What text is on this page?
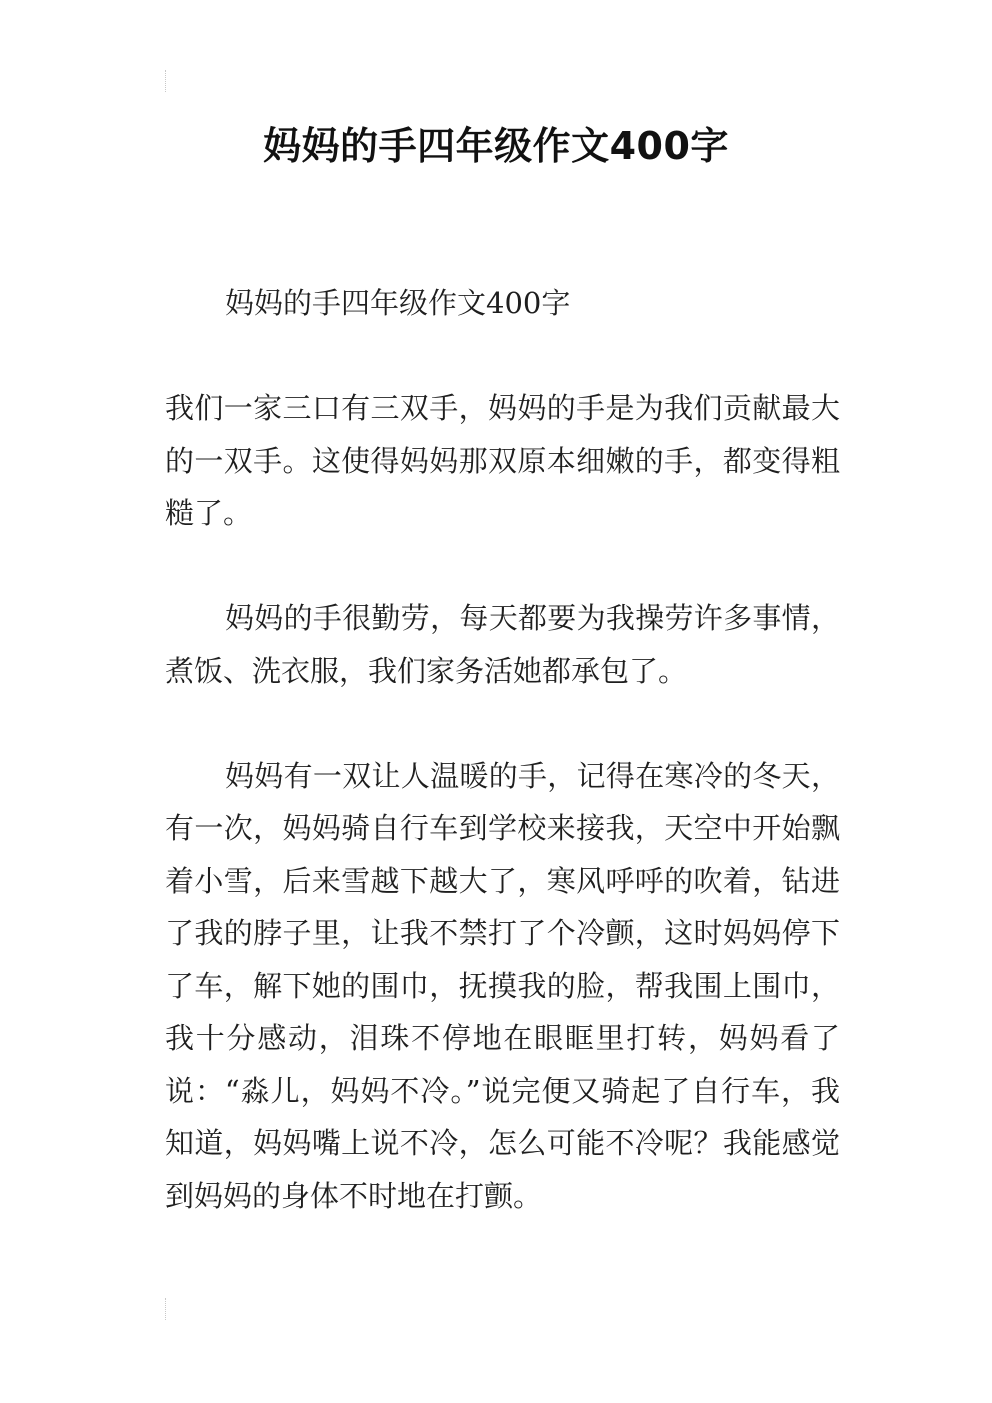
妈妈的手四年级作文400字

妈妈的手四年级作文400字

我们一家三口有三双手，妈妈的手是为我们贡献最大的一双手。这使得妈妈那双原本细嫩的手，都变得粗糙了。

妈妈的手很勤劳，每天都要为我操劳许多事情，煮饭、洗衣服，我们家务活她都承包了。

妈妈有一双让人温暖的手，记得在寒冷的冬天，有一次，妈妈骑自行车到学校来接我，天空中开始飘着小雪，后来雪越下越大了，寒风呼呼的吹着，钻进了我的脖子里，让我不禁打了个冷颤，这时妈妈停下了车，解下她的围巾，抚摸我的脸，帮我围上围巾，我十分感动，泪珠不停地在眼眶里打转，妈妈看了说：“淼儿，妈妈不冷。”说完便又骑起了自行车，我知道，妈妈嘴上说不冷，怎么可能不冷呢？我能感觉到妈妈的身体不时地在打颤。
